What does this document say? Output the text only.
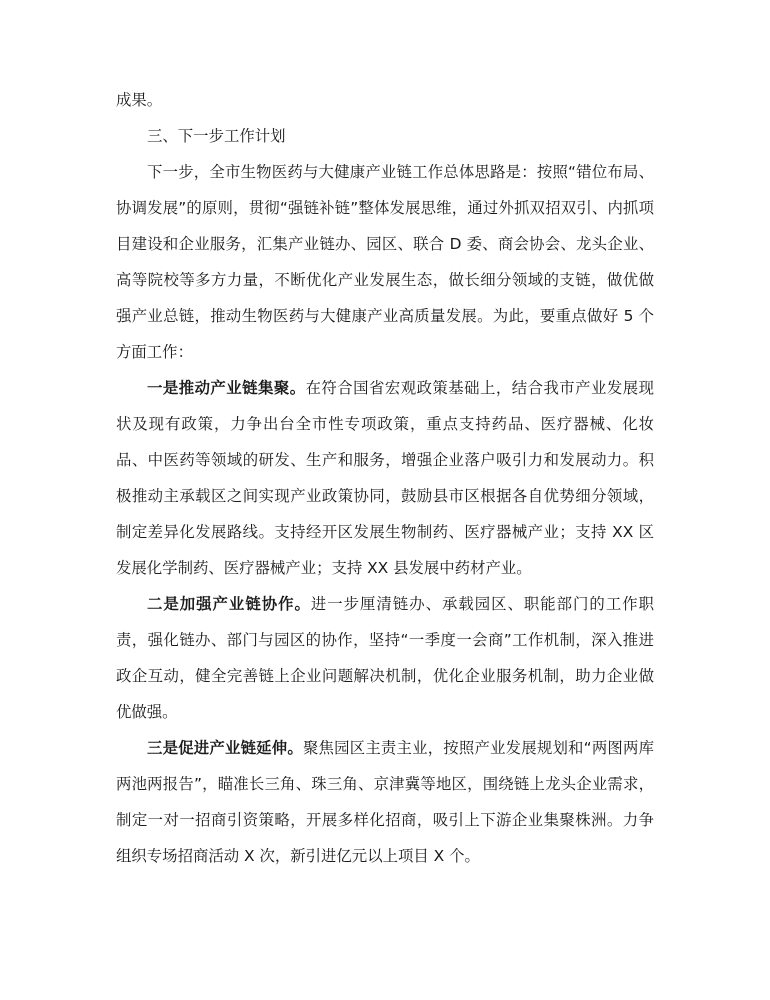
成果。

三、下一步工作计划

下一步，全市生物医药与大健康产业链工作总体思路是：按照“错位布局、协调发展”的原则，贯彻“强链补链”整体发展思维，通过外抓双招双引、内抓项目建设和企业服务，汇集产业链办、园区、联合 D 委、商会协会、龙头企业、高等院校等多方力量，不断优化产业发展生态，做长细分领域的支链，做优做强产业总链，推动生物医药与大健康产业高质量发展。为此，要重点做好 5 个方面工作：

一是推动产业链集聚。在符合国省宏观政策基础上，结合我市产业发展现状及现有政策，力争出台全市性专项政策，重点支持药品、医疗器械、化妆品、中医药等领域的研发、生产和服务，增强企业落户吸引力和发展动力。积极推动主承载区之间实现产业政策协同，鼓励县市区根据各自优势细分领域，制定差异化发展路线。支持经开区发展生物制药、医疗器械产业；支持 XX 区发展化学制药、医疗器械产业；支持 XX 县发展中药材产业。

二是加强产业链协作。进一步厘清链办、承载园区、职能部门的工作职责，强化链办、部门与园区的协作，坚持“一季度一会商”工作机制，深入推进政企互动，健全完善链上企业问题解决机制，优化企业服务机制，助力企业做优做强。

三是促进产业链延伸。聚焦园区主责主业，按照产业发展规划和“两图两库两池两报告”，瞄准长三角、珠三角、京津冀等地区，围绕链上龙头企业需求，制定一对一招商引资策略，开展多样化招商，吸引上下游企业集聚株洲。力争组织专场招商活动 X 次，新引进亿元以上项目 X 个。
